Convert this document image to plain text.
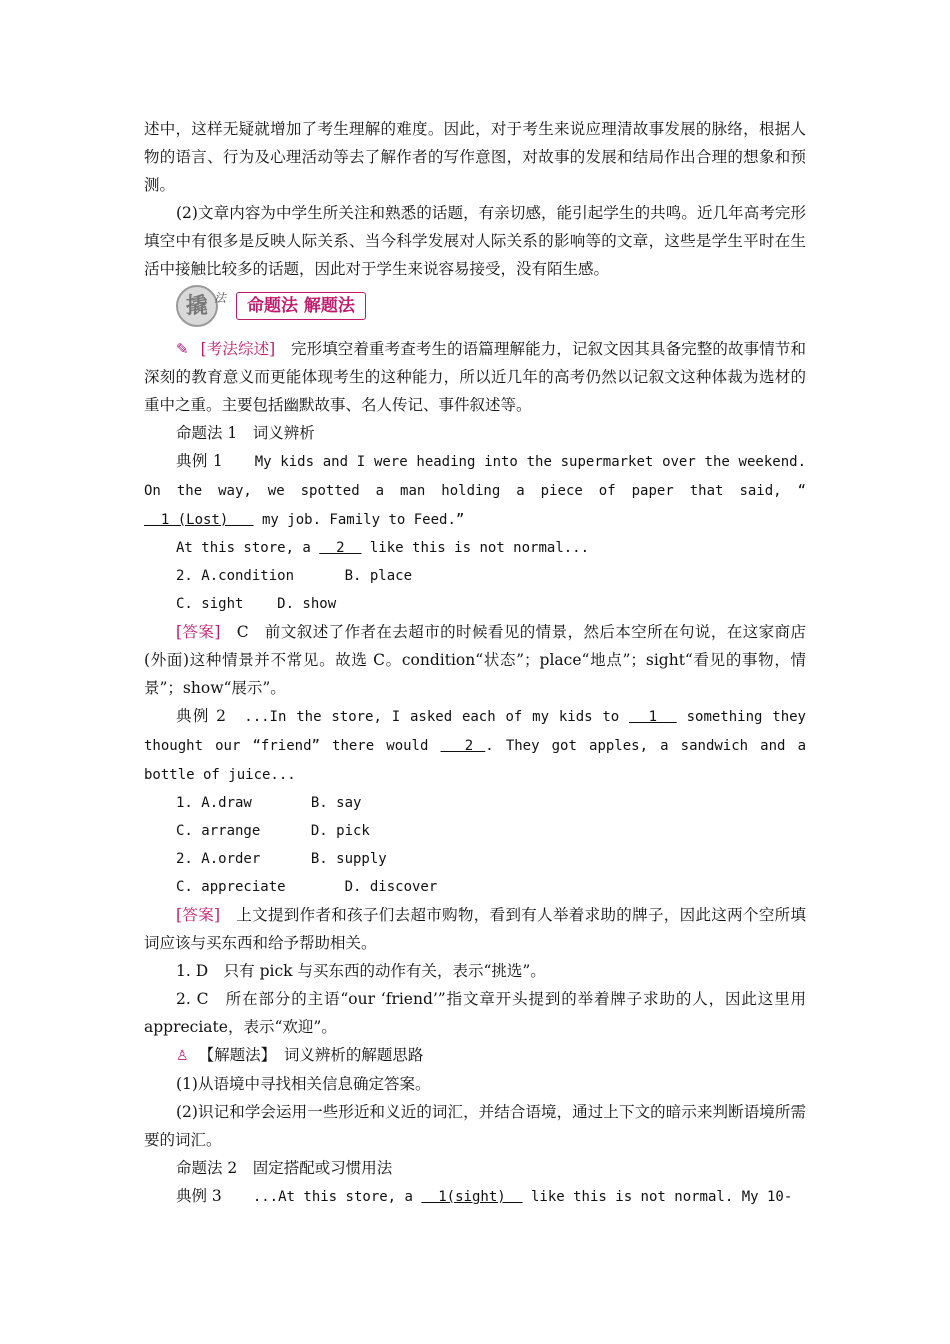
述中，这样无疑就增加了考生理解的难度。因此，对于考生来说应理清故事发展的脉络，根据人物的语言、行为及心理活动等去了解作者的写作意图，对故事的发展和结局作出合理的想象和预测。

(2)文章内容为中学生所关注和熟悉的话题，有亲切感，能引起学生的共鸣。近几年高考完形填空中有很多是反映人际关系、当今科学发展对人际关系的影响等的文章，这些是学生平时在生活中接触比较多的话题，因此对于学生来说容易接受，没有陌生感。

撬 法	命题法 解题法

✎ [考法综述]　 完形填空着重考查考生的语篇理解能力，记叙文因其具备完整的故事情节和深刻的教育意义而更能体现考生的这种能力，所以近几年的高考仍然以记叙文这种体裁为选材的重中之重。主要包括幽默故事、名人传记、事件叙述等。

命题法 1　词义辨析

典例 1　　 My kids and I were heading into the supermarket over the weekend. On the way, we spotted a man holding a piece of paper that said, “  1 (Lost)    my job. Family to Feed.”

At this store, a   2   like this is not normal...

2. A.condition      B. place

C. sight    D. show

[答案]　C　前文叙述了作者在去超市的时候看见的情景，然后本空所在句说，在这家商店(外面)这种情景并不常见。故选 C。condition“状态”；place“地点”；sight“看见的事物，情景”；show“展示”。

典例 2　 ...In the store, I asked each of my kids to   1   something they thought our “friend” there would   2 . They got apples, a sandwich and a bottle of juice...

1. A.draw       B. say

C. arrange      D. pick

2. A.order      B. supply

C. appreciate       D. discover

[答案]　上文提到作者和孩子们去超市购物，看到有人举着求助的牌子，因此这两个空所填词应该与买东西和给予帮助相关。

1. D　只有 pick 与买东西的动作有关，表示“挑选”。

2. C　所在部分的主语“our ‘friend’”指文章开头提到的举着牌子求助的人，因此这里用 appreciate，表示“欢迎”。

♙ 【解题法】　 词义辨析的解题思路

(1)从语境中寻找相关信息确定答案。

(2)识记和学会运用一些形近和义近的词汇，并结合语境，通过上下文的暗示来判断语境所需要的词汇。

命题法 2　固定搭配或习惯用法

典例 3　　 ...At this store, a   1(sight)   like this is not normal. My 10-
